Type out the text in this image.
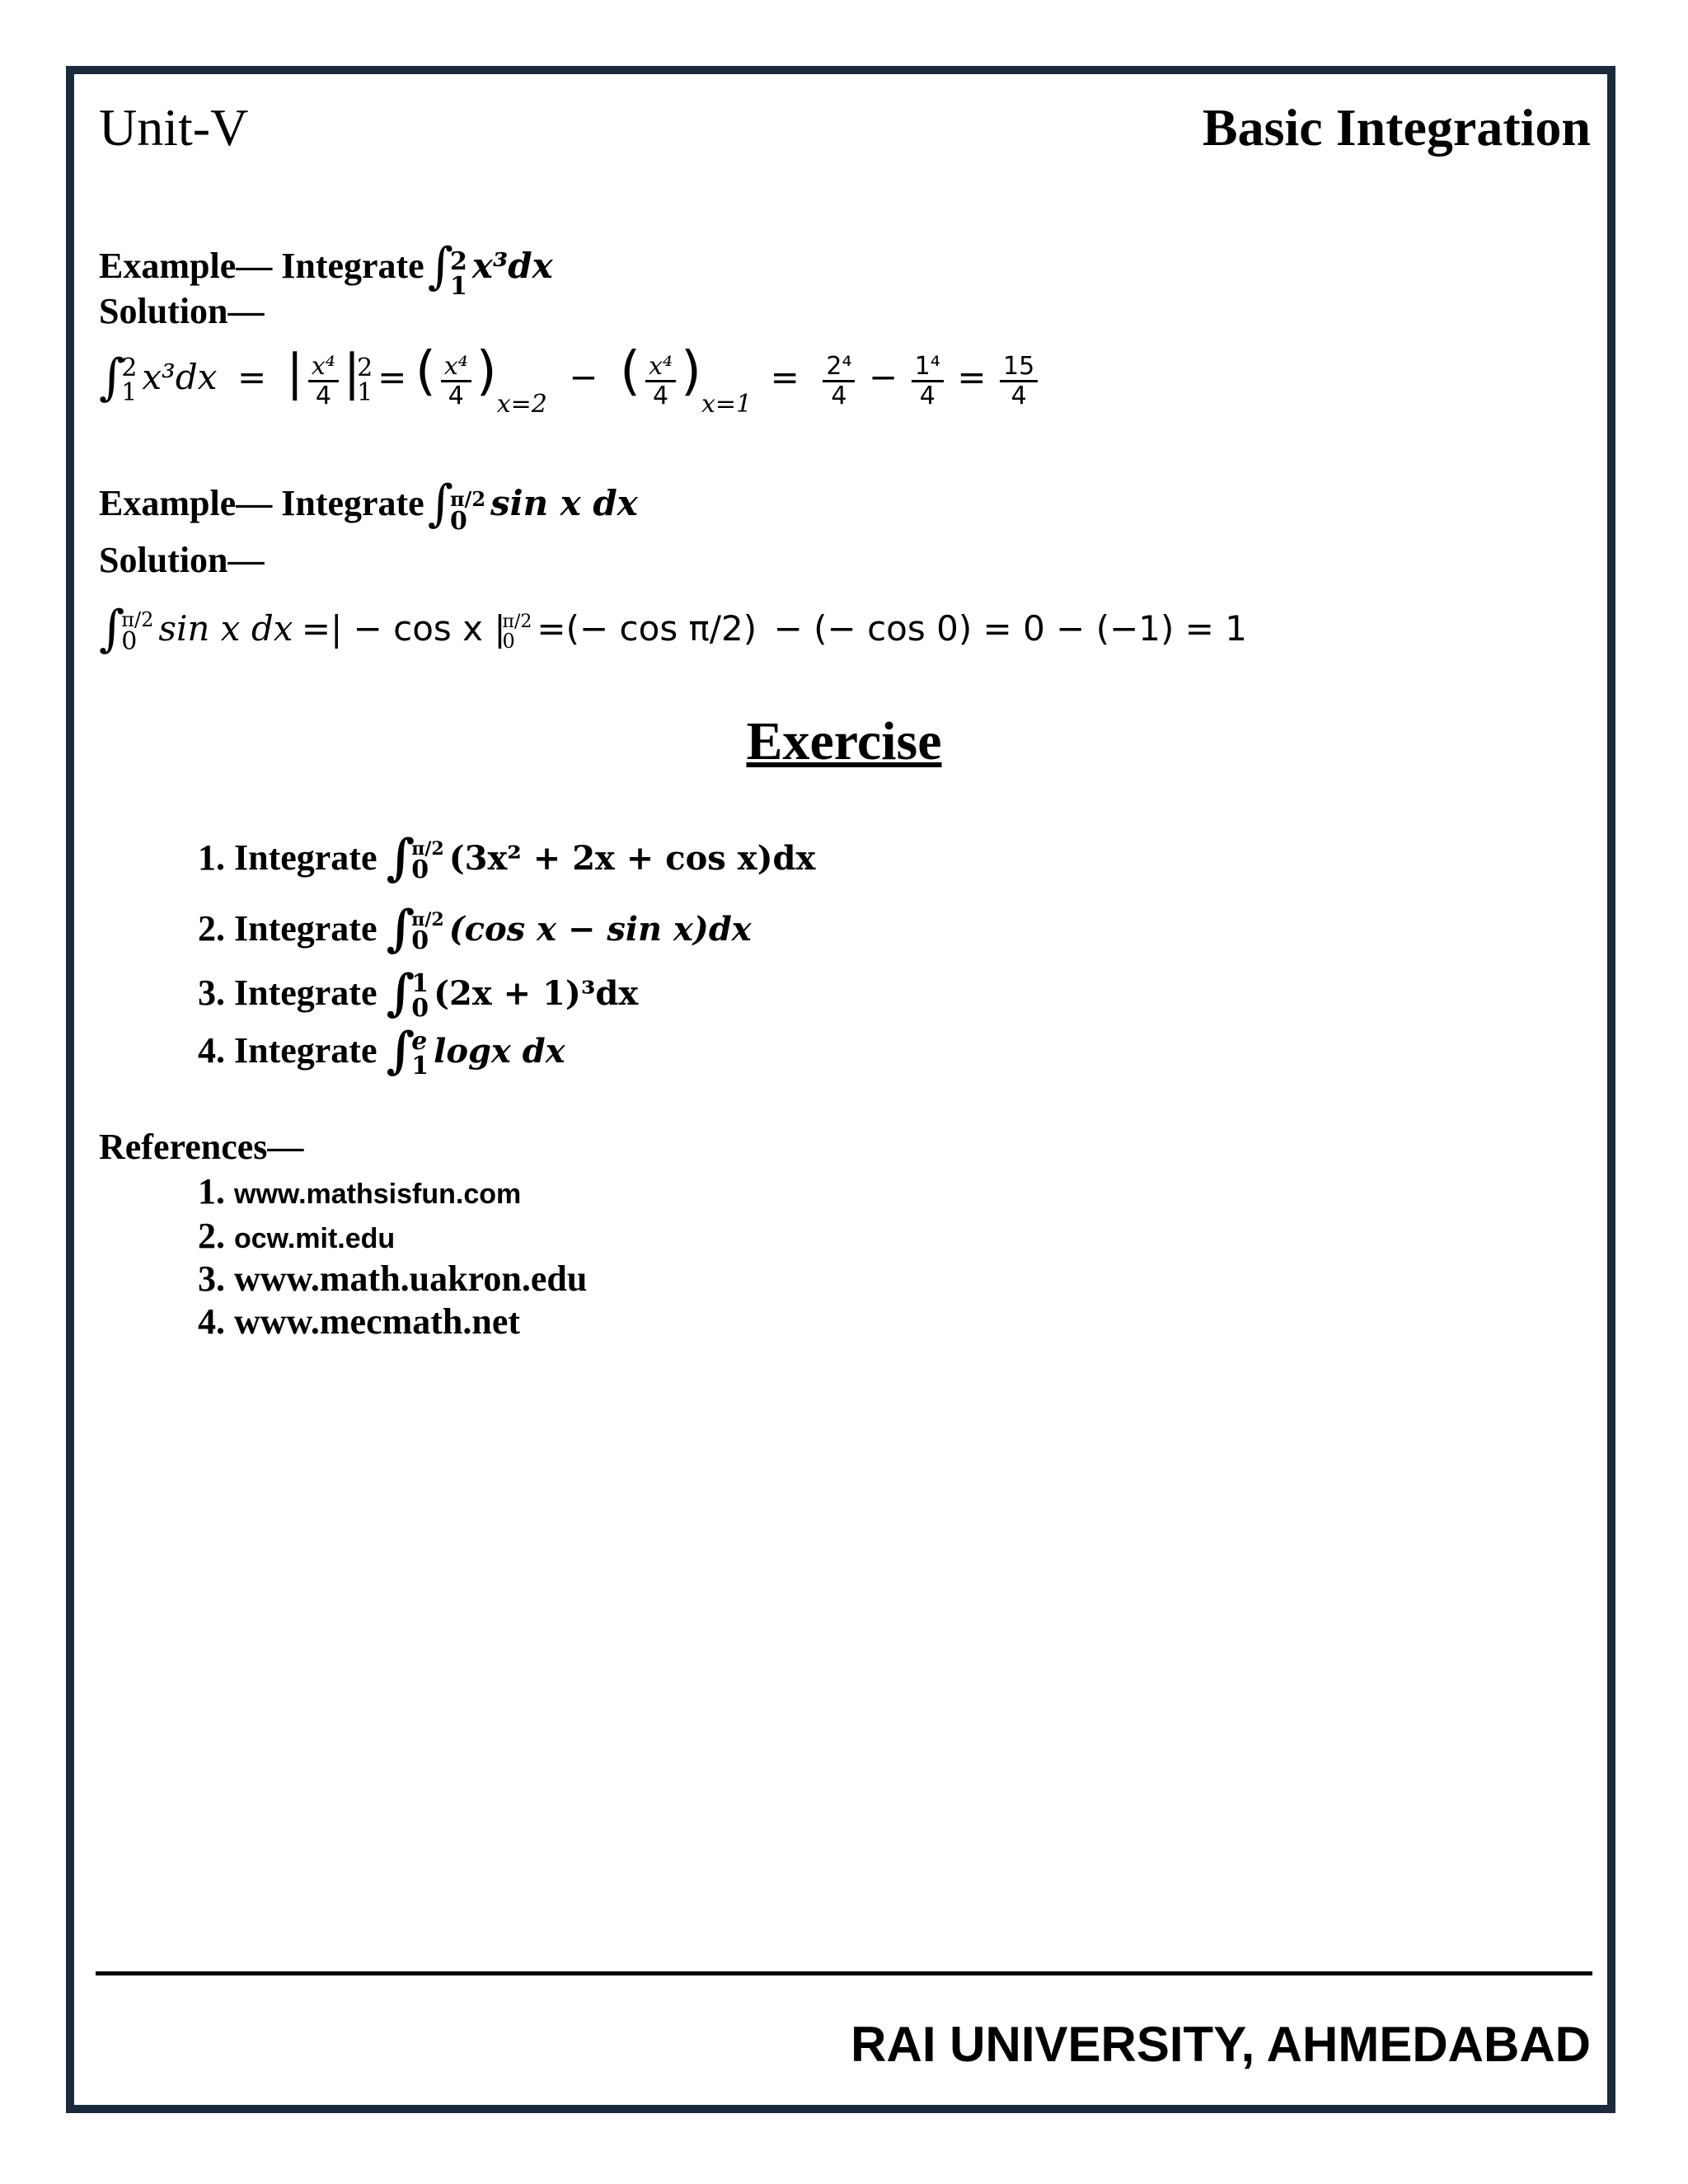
Unit-V	Basic Integration
Example— Integrate ∫
2
1
x³dx
Solution—
∫
2
1 x³dx = | $\frac{\text{x⁴}}{4}$ |
2
1 = ( $\frac{\text{x⁴}}{4} )_{x=2}$ − ( $\frac{\text{x⁴}}{4} )_{x=1} = \frac{\text{2⁴}}{4} - \frac{\text{1⁴}}{4} = \frac{15}{4}$
Example— Integrate ∫
π/2
0 sin x dx
Solution—
∫
π/2
0 sin x dx =| − cos x |
π/2
0 =(− cos π/2) − (− cos 0) = 0 − (−1) = 1
Exercise
1. Integrate ∫
π/2
0 (3x² + 2x + cos x)dx
2. Integrate ∫
π/2
0 (cos x − sin x)dx
3. Integrate ∫
1
0 (2x + 1)³dx
4. Integrate ∫
e
1 logx dx
References—
1. www.mathsisfun.com
2. ocw.mit.edu
3. www.math.uakron.edu
4. www.mecmath.net
RAI UNIVERSITY, AHMEDABAD
